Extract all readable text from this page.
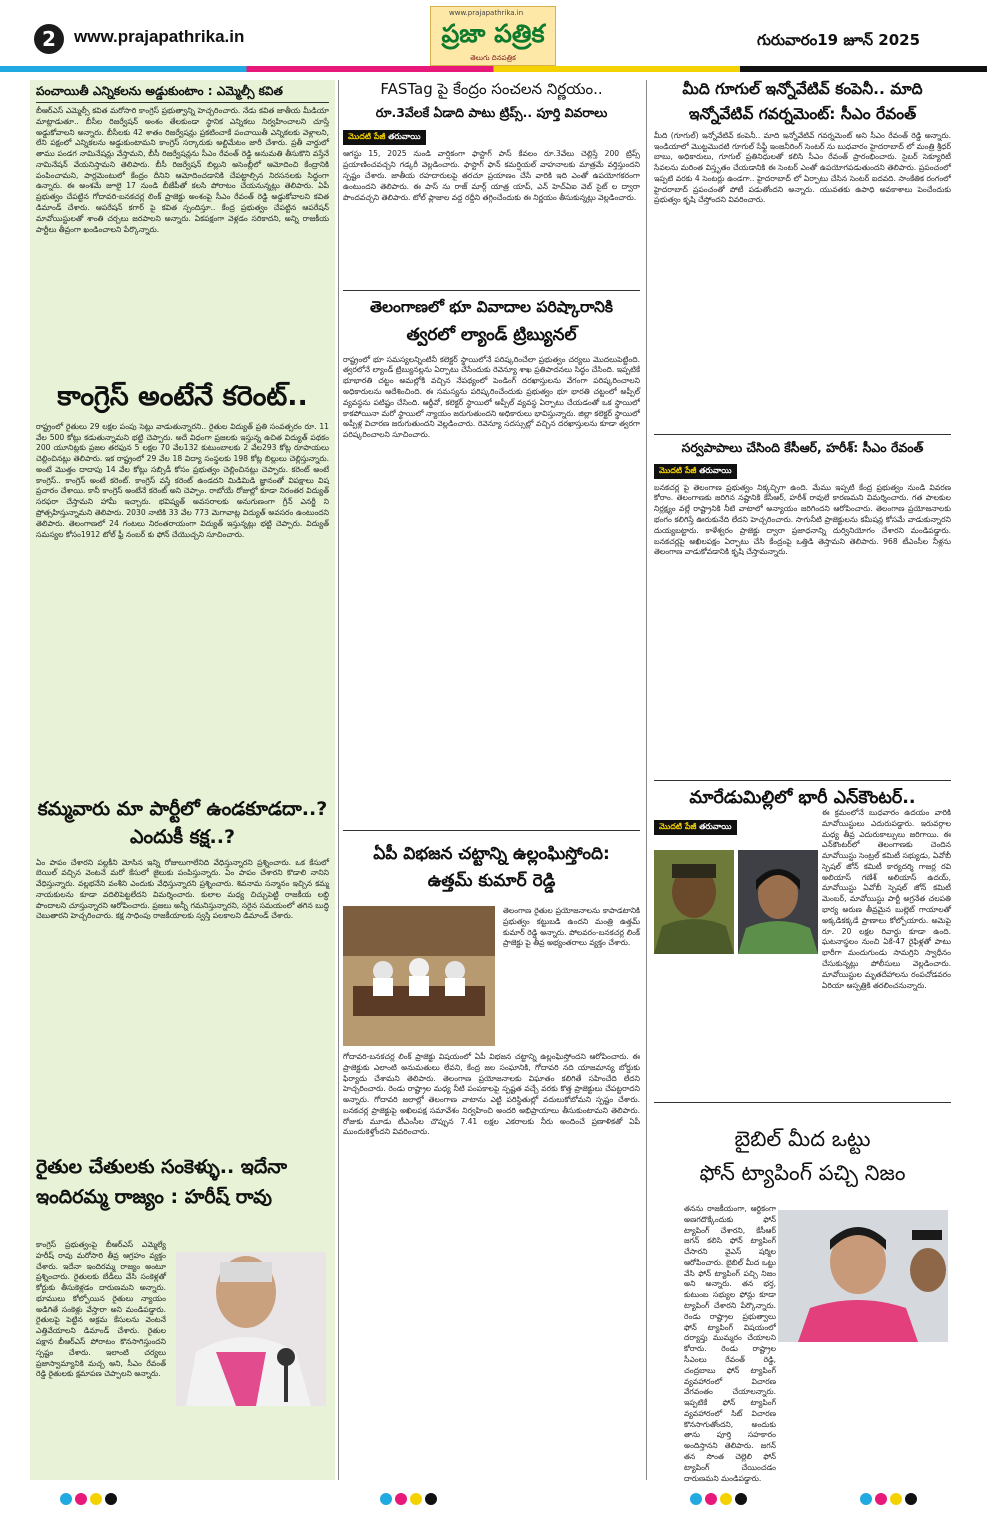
2	www.prajapathrika.in
www.prajapathrika.in
ప్రజా పత్రిక
తెలుగు దినపత్రిక
గురువారం19 జూన్ 2025
పంచాయితీ ఎన్నికలను అడ్డుకుంటాం : ఎమ్మెల్సీ కవిత
బీఆర్ఎస్ ఎమ్మెల్సీ కవిత మరోసారి కాంగ్రెస్ ప్రభుత్వాన్ని హెచ్చరించారు. నేడు కవిత జాతీయ మీడియా మాట్లాడుతూ.. బీసీల రిజర్వేషన్ అంశం తేలకుండా స్థానిక ఎన్నికలు నిర్వహించాలని చూస్తే అడ్డుకోవాలని అన్నారు. బీసీలకు 42 శాతం రిజర్వేషన్లు ప్రకటించాకే పంచాయితీ ఎన్నికలకు వెళ్లాలని, లేని పక్షంలో ఎన్నికలను అడ్డుకుంటామని కాంగ్రెస్ సర్కారుకు అల్టిమేటం జారీ చేశారు. ప్రతీ వార్డులో తాము పండగ నామినేషన్లు వేస్తామని, బీసీ రిజర్వేషన్లను సీఎం రేవంత్ రెడ్డి అనుమతి తీసుకొని వస్తేనే నామినేషన్ వేయనిస్తామని తెలిపారు. బీసీ రిజర్వేషన్ బిల్లుని అసెంబ్లీలో ఆమోదించి కేంద్రానికి పంపించామని, పార్లమెంటులో కేంద్రం దీనిని ఆమోదించడానికి చేపట్టాల్సిన నిరసనలకు సిద్ధంగా ఉన్నారు. ఈ అంశమే జూలై 17 నుండి బీజేపీతో కలసి పోరాటం చేయనున్నట్లు తెలిపారు. ఏపీ ప్రభుత్వం చేపట్టిన గోదావరి-బనకచర్ల లింక్ ప్రాజెక్టు అంశంపై సీఎం రేవంత్ రెడ్డి అడ్డుకోవాలని కవిత డిమాండ్ చేశారు. ఆపరేషన్ కగార్ పై కవిత స్పందిస్తూ.. కేంద్ర ప్రభుత్వం చేపట్టిన ఆపరేషన్ మావోయిస్టులతో శాంతి చర్చలు జరపాలని అన్నారు. ఏకపక్షంగా వెళ్లడం సరికాదని, అన్ని రాజకీయ పార్టీలు తీవ్రంగా ఖండించాలని పేర్కొన్నారు.
కాంగ్రెస్ అంటేనే కరెంట్..
రాష్ట్రంలో రైతులు 29 లక్షల పంపు సెట్లు వాడుతున్నారని.. రైతుల విద్యుత్ ప్రతి సంవత్సరం రూ. 11 వేల 500 కోట్లు కడుతున్నామని భట్టి చెప్పారు. అదే విధంగా ప్రజలకు ఇస్తున్న ఉచిత విద్యుత్ పథకం 200 యూనిట్లకు ప్రజల తరఫున 5 లక్షల 70 వేల132 కుటుంబాలకు 2 వేల293 కోట్ల రూపాయలు చెల్లించినట్లు తెలిపారు. ఇక రాష్ట్రంలో 29 వేల 18 విద్యా సంస్థలకు 198 కోట్ల బిల్లులు చెల్లిస్తున్నారు. అంటే మొత్తం దాదాపు 14 వేల కోట్లు సబ్సిడీ కోసం ప్రభుత్వం చెల్లించినట్లు చెప్పారు. కరెంట్ అంటే కాంగ్రెస్.. కాంగ్రెస్ అంటే కరెంట్. కాంగ్రెస్ వస్తే కరెంట్ ఉండదని మిడిమిడి జ్ఞానంతో విపక్షాలు విష ప్రచారం చేశాయి. కానీ కాంగ్రెస్ అంటేనే కరెంట్ అని చెప్పాం. రాబోయే రోజుల్లో కూడా నిరంతర విద్యుత్ సరఫరా చేస్తామని హామీ ఇచ్చారు. భవిష్యత్ అవసరాలకు అనుగుణంగా గ్రీన్ ఎనర్జీ ని ప్రోత్సహిస్తున్నామని తెలిపారు. 2030 నాటికి 33 వేల 773 మెగావాట్ల విద్యుత్ అవసరం ఉంటుందని తెలిపారు. తెలంగాణలో 24 గంటలు నిరంతరాయంగా విద్యుత్ ఇస్తున్నట్లు భట్టి చెప్పారు. విద్యుత్ సమస్యల కోసం1912 టోల్ ఫ్రీ నంబర్ కు ఫోన్ చేయొచ్చని సూచించారు.
కమ్మవారు మా పార్టీలో ఉండకూడదా..?
ఎందుకీ కక్ష..?
ఏం పాపం చేశారని పల్లకీని మోసిన ఇన్ని రోజులుగాలేనిది వేధిస్తున్నారని ప్రశ్నించారు. ఒక కేసులో బెయిల్ వచ్చిన వెంటనే మరో కేసులో జైలుకు పంపిస్తున్నారు. ఏం పాపం చేశారని కొడాలి నానిని వేధిస్తున్నారు. వల్లభనేని వంశీని ఎందుకు వేధిస్తున్నారని ప్రశ్నించారు. శివనామ సన్మానం ఇచ్చిన కమ్మ నాయకులను కూడా వదిలిపెట్టలేదని విమర్శించారు. కులాల మధ్య చిచ్చుపెట్టి రాజకీయ లబ్ధి పొందాలని చూస్తున్నారని ఆరోపించారు. ప్రజలు అన్నీ గమనిస్తున్నారని, సరైన సమయంలో తగిన బుద్ధి చెబుతారని హెచ్చరించారు. కక్ష సాధింపు రాజకీయాలకు స్వస్తి పలకాలని డిమాండ్ చేశారు.
రైతుల చేతులకు సంకెళ్ళు.. ఇదేనా
ఇందిరమ్మ రాజ్యం : హరీష్ రావు
కాంగ్రెస్ ప్రభుత్వంపై బీఆర్ఎస్ ఎమ్మెల్యే హరీష్ రావు మరోసారి తీవ్ర ఆగ్రహం వ్యక్తం చేశారు. ఇదేనా ఇందిరమ్మ రాజ్యం అంటూ ప్రశ్నించారు. రైతులకు బేడీలు వేసి సంకెళ్లతో కోర్టుకు తీసుకెళ్లడం దారుణమని అన్నారు. భూములు కోల్పోయిన రైతులు న్యాయం అడిగితే సంకెళ్లు వేస్తారా అని మండిపడ్డారు. రైతులపై పెట్టిన అక్రమ కేసులను వెంటనే ఎత్తివేయాలని డిమాండ్ చేశారు. రైతుల పక్షాన బీఆర్ఎస్ పోరాటం కొనసాగిస్తుందని స్పష్టం చేశారు. ఇలాంటి చర్యలు ప్రజాస్వామ్యానికి మచ్చ అని, సీఎం రేవంత్ రెడ్డి రైతులకు క్షమాపణ చెప్పాలని అన్నారు.
FASTag పై కేంద్రం సంచలన నిర్ణయం..
రూ.3వేలకే ఏడాది పాటు ట్రిప్స్.. పూర్తి వివరాలు
మొదటి పేజీ తరువాయి
ఆగస్టు 15, 2025 నుండి వార్షికంగా ఫాస్టాగ్ పాస్ కేవలం రూ.3వేలు చెల్లిస్తే 200 ట్రిప్స్ ప్రయాణించవచ్చని గడ్కరీ వెల్లడించారు. ఫాస్టాగ్ ఫాన్ కమర్షియల్ వాహనాలకు మాత్రమే వర్తిస్తుందని స్పష్టం చేశారు. జాతీయ రహదారులపై తరచూ ప్రయాణం చేసే వారికి ఇది ఎంతో ఉపయోగకరంగా ఉంటుందని తెలిపారు. ఈ పాస్ ను రాజ్ మార్గ్ యాత్ర యాప్, ఎన్ హెచ్ఏఐ వెబ్ సైట్ ల ద్వారా పొందవచ్చని తెలిపారు. టోల్ ప్లాజాల వద్ద రద్దీని తగ్గించేందుకు ఈ నిర్ణయం తీసుకున్నట్లు వెల్లడించారు.
తెలంగాణలో భూ వివాదాల పరిష్కారానికి
త్వరలో ల్యాండ్ ట్రిబ్యునల్
రాష్ట్రంలో భూ సమస్యలన్నింటినీ కలెక్టర్ స్థాయిలోనే పరిష్కరించేలా ప్రభుత్వం చర్యలు మొదలుపెట్టింది. త్వరలోనే ల్యాండ్ ట్రిబ్యునల్లను ఏర్పాటు చేసేందుకు రెవెన్యూ శాఖ ప్రతిపాదనలు సిద్ధం చేసింది. ఇప్పటికే భూభారతి చట్టం అమల్లోకి వచ్చిన నేపథ్యంలో పెండింగ్ దరఖాస్తులను వేగంగా పరిష్కరించాలని అధికారులను ఆదేశించింది. ఈ సమస్యను పరిష్కరించేందుకు ప్రభుత్వం భూ భారతి చట్టంలో అప్పీల్ వ్యవస్థను పటిష్టం చేసింది. ఆర్డీవో, కలెక్టర్ స్థాయిలో అప్పీల్ వ్యవస్థ ఏర్పాటు చేయడంతో ఒక స్థాయిలో కాకపోయినా మరో స్థాయిలో న్యాయం జరుగుతుందని అధికారులు భావిస్తున్నారు. జిల్లా కలెక్టర్ స్థాయిలో అప్పీళ్ల విచారణ జరుగుతుందని వెల్లడించారు. రెవెన్యూ సదస్సుల్లో వచ్చిన దరఖాస్తులను కూడా త్వరగా పరిష్కరించాలని సూచించారు.
ఏపీ విభజన చట్టాన్ని ఉల్లంఘిస్తోంది:
ఉత్తమ్ కుమార్ రెడ్డి
తెలంగాణ రైతుల ప్రయోజనాలను కాపాడటానికి ప్రభుత్వం కట్టుబడి ఉందని మంత్రి ఉత్తమ్ కుమార్ రెడ్డి అన్నారు. పోలవరం-బనకచర్ల లింక్ ప్రాజెక్టు పై తీవ్ర అభ్యంతరాలు వ్యక్తం చేశారు.
గోదావరి-బనకచర్ల లింక్ ప్రాజెక్టు విషయంలో ఏపీ విభజన చట్టాన్ని ఉల్లంఘిస్తోందని ఆరోపించారు. ఈ ప్రాజెక్టుకు ఎలాంటి అనుమతులు లేవని, కేంద్ర జల సంఘానికి, గోదావరి నది యాజమాన్య బోర్డుకు ఫిర్యాదు చేశామని తెలిపారు. తెలంగాణ ప్రయోజనాలకు విఘాతం కలిగితే సహించేది లేదని హెచ్చరించారు. రెండు రాష్ట్రాల మధ్య నీటి పంపకాలపై స్పష్టత వచ్చే వరకు కొత్త ప్రాజెక్టులు చేపట్టరాదని అన్నారు. గోదావరి జలాల్లో తెలంగాణ వాటాను ఎట్టి పరిస్థితుల్లో వదులుకోబోమని స్పష్టం చేశారు. బనకచర్ల ప్రాజెక్టుపై అఖిలపక్ష సమావేశం నిర్వహించి అందరి అభిప్రాయాలు తీసుకుంటామని తెలిపారు. రోజుకు మూడు టీఎంసీల చొప్పున 7.41 లక్షల ఎకరాలకు నీరు అందించే ప్రణాళికతో ఏపీ ముందుకెళ్తోందని వివరించారు.
మీది గూగుల్ ఇన్నోవేటివ్ కంపెనీ.. మాది
ఇన్నోవేటివ్ గవర్నమెంట్: సీఎం రేవంత్
మీది (గూగుల్) ఇన్నోవేటివ్ కంపెనీ.. మాది ఇన్నోవేటివ్ గవర్నమెంట్ అని సీఎం రేవంత్ రెడ్డి అన్నారు. ఇండియాలో మొట్టమొదటి గూగుల్ సేఫ్టీ ఇంజనీరింగ్ సెంటర్ ను బుధవారం హైదరాబాద్ లో మంత్రి శ్రీధర్ బాబు, అధికారులు, గూగుల్ ప్రతినిధులతో కలిసి సీఎం రేవంత్ ప్రారంభించారు. సైబర్ సెక్యూరిటీ సేవలను మరింత విస్తృతం చేయడానికి ఈ సెంటర్ ఎంతో ఉపయోగపడుతుందని తెలిపారు. ప్రపంచంలో ఇప్పటి వరకు 4 సెంటర్లు ఉండగా.. హైదరాబాద్ లో ఏర్పాటు చేసిన సెంటర్ ఐదవది. సాంకేతిక రంగంలో హైదరాబాద్ ప్రపంచంతో పోటీ పడుతోందని అన్నారు. యువతకు ఉపాధి అవకాశాలు పెంచేందుకు ప్రభుత్వం కృషి చేస్తోందని వివరించారు.
సర్వపాపాలు చేసింది కేసీఆర్, హరీశ్: సీఎం రేవంత్
మొదటి పేజీ తరువాయి
బనకచర్ల పై తెలంగాణ ప్రభుత్వం నిక్కచ్చిగా ఉంది. మేము ఇప్పటి కేంద్ర ప్రభుత్వం నుండి వివరణ కోరాం. తెలంగాణకు జరిగిన నష్టానికి కేసీఆర్, హరీశ్ రావులే కారణమని విమర్శించారు. గత పాలకుల నిర్లక్ష్యం వల్లే రాష్ట్రానికి నీటి వాటాలో అన్యాయం జరిగిందని ఆరోపించారు. తెలంగాణ ప్రయోజనాలకు భంగం కలిగిస్తే ఊరుకునేది లేదని హెచ్చరించారు. సాగునీటి ప్రాజెక్టులను కమీషన్ల కోసమే వాడుకున్నారని దుయ్యబట్టారు. కాళేశ్వరం ప్రాజెక్టు ద్వారా ప్రజాధనాన్ని దుర్వినియోగం చేశారని మండిపడ్డారు. బనకచర్లపై అఖిలపక్షం ఏర్పాటు చేసి కేంద్రంపై ఒత్తిడి తెస్తామని తెలిపారు. 968 టీఎంసీల నీళ్లను తెలంగాణ వాడుకోవడానికి కృషి చేస్తామన్నారు.
మారేడుమిల్లిలో భారీ ఎన్‌కౌంటర్..
మొదటి పేజీ తరువాయి
ఈ క్రమంలోనే బుధవారం ఉదయం వారికి మావోయిస్టులు ఎదురుపడ్డారు. ఇరువర్గాల మధ్య తీవ్ర ఎదురుకాల్పులు జరిగాయి. ఈ ఎన్‌కౌంటర్‌లో తెలంగాణకు చెందిన మావోయిస్టు సెంట్రల్ కమిటీ సభ్యుడు, ఏవోబీ స్పెషల్ జోన్ కమిటీ కార్యదర్శి గాజర్ల రవి అలియాస్ గణేశ్ అలియాస్ ఉదయ్, మావోయిస్టు ఏవోబీ స్పెషల్ జోన్ కమిటీ మెంబర్, మావోయిస్టు పార్టీ అగ్రనేత చలపతి భార్య అరుణ తీవ్రమైన బుల్లెట్ గాయాలతో అక్కడికక్కడే ప్రాణాలు కోల్పోయారు. అమెపై రూ. 20 లక్షల రివార్డు కూడా ఉంది. ఘటనాస్థలం నుంచి ఏకే-47 రైఫిళ్లతో పాటు భారీగా మందుగుండు సామగ్రిని స్వాధీనం చేసుకున్నట్లు పోలీసులు వెల్లడించారు. మావోయిస్టుల మృతదేహాలను రంపచోడవరం ఏరియా ఆస్పత్రికి తరలించనున్నారు.
బైబిల్ మీద ఒట్టు
ఫోన్ ట్యాపింగ్ పచ్చి నిజం
తనను రాజకీయంగా, ఆర్థికంగా అణగదొక్కేందుకు ఫోన్ ట్యాపింగ్ చేశారని, కేసీఆర్ జగన్ కలిసి ఫోన్ ట్యాపింగ్ చేసారని వైఎస్ షర్మిల ఆరోపించారు. బైబిల్ మీద ఒట్టు వేసి ఫోన్ ట్యాపింగ్ పచ్చి నిజం అని అన్నారు. తన భర్త, కుటుంబ సభ్యుల ఫోన్లు కూడా ట్యాపింగ్ చేశారని పేర్కొన్నారు. రెండు రాష్ట్రాల ప్రభుత్వాలు ఫోన్ ట్యాపింగ్ విషయంలో దర్యాప్తు ముమ్మరం చేయాలని కోరారు. రెండు రాష్ట్రాల సీఎంలు రేవంత్ రెడ్డి, చంద్రబాబు ఫోన్ ట్యాపింగ్ వ్యవహారంలో విచారణ వేగవంతం చేయాలన్నారు. ఇప్పటికే ఫోన్ ట్యాపింగ్ వ్యవహారంలో సిట్ విచారణ కొనసాగుతోందని, అందుకు తాను పూర్తి సహకారం అందిస్తానని తెలిపారు. జగన్ తన సొంత చెల్లెలి ఫోన్ ట్యాపింగ్ చేయించడం దారుణమని మండిపడ్డారు.
